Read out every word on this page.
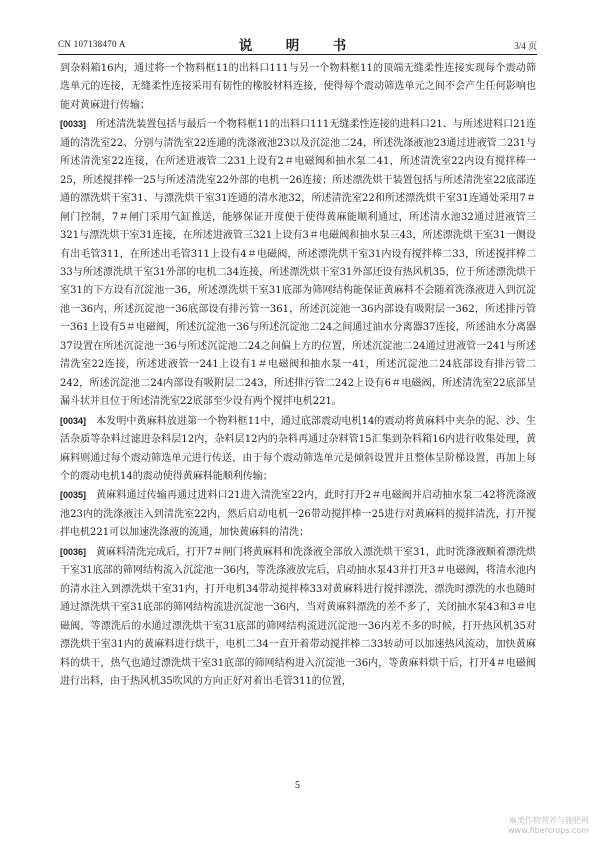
CN 107138470 A	说　明　书	3/4 页

到杂料箱16内，通过将一个物料框11的出料口111与另一个物料框11的顶端无缝柔性连接实现每个震动筛选单元的连接，无缝柔性连接采用有韧性的橡胶材料连接，使得每个震动筛选单元之间不会产生任何影响也能对黄麻进行传输；

[0033] 所述清洗装置包括与最后一个物料框11的出料口111无缝柔性连接的进料口21、与所述进料口21连通的清洗室22、分别与清洗室22连通的洗涤液池23以及沉淀池二24，所述洗涤液池23通过进液管二231与所述清洗室22连接，在所述进液管二231上设有2＃电磁阀和抽水泵二41，所述清洗室22内设有搅拌棒一25，所述搅拌棒一25与所述清洗室22外部的电机一26连接；所述漂洗烘干装置包括与所述清洗室22底部连通的漂洗烘干室31、与漂洗烘干室31连通的清水池32，所述清洗室22和所述漂洗烘干室31连通处采用7＃闸门控制，7＃闸门采用气缸推送，能够保证开度便于使得黄麻能顺利通过，所述清水池32通过进液管三321与漂洗烘干室31连接，在所述进液管三321上设有3＃电磁阀和抽水泵三43，所述漂洗烘干室31一侧设有出毛管311，在所述出毛管311上设有4＃电磁阀，所述漂洗烘干室31内设有搅拌棒二33，所述搅拌棒二33与所述漂洗烘干室31外部的电机二34连接，所述漂洗烘干室31外部还设有热风机35，位于所述漂洗烘干室31的下方设有沉淀池一36，所述漂洗烘干室31底部为筛网结构能保证黄麻料不会随着洗涤液进入到沉淀池一36内，所述沉淀池一36底部设有排污管一361，所述沉淀池一36内部设有吸附层一362，所述排污管一361上设有5＃电磁阀，所述沉淀池一36与所述沉淀池二24之间通过油水分离器37连接，所述油水分离器37设置在所述沉淀池一36与所述沉淀池二24之间偏上方的位置，所述沉淀池二24通过进液管一241与所述清洗室22连接，所述进液管一241上设有1＃电磁阀和抽水泵一41，所述沉淀池二24底部设有排污管二242，所述沉淀池二24内部设有吸附层二243，所述排污管二242上设有6＃电磁阀，所述清洗室22底部呈漏斗状并且位于所述清洗室22底部至少设有两个搅拌电机221。

[0034] 本发明中黄麻料放进第一个物料框11中，通过底部震动电机14的震动将黄麻料中夹杂的泥、沙、生活杂质等杂料过滤进杂料层12内，杂料层12内的杂料再通过杂料管15汇集到杂料箱16内进行收集处理，黄麻料则通过每个震动筛选单元进行传送，由于每个震动筛选单元是倾斜设置并且整体呈阶梯设置，再加上每个的震动电机14的震动使得黄麻料能顺利传输；

[0035] 黄麻料通过传输再通过进料口21进入清洗室22内，此时打开2＃电磁阀并启动抽水泵二42将洗涤液池23内的洗涤液注入到清洗室22内，然后启动电机一26带动搅拌棒一25进行对黄麻料的搅拌清洗，打开搅拌电机221可以加速洗涤液的流通，加快黄麻料的清洗；

[0036] 黄麻料清洗完成后，打开7＃闸门将黄麻料和洗涤液全部放入漂洗烘干室31，此时洗涤液顺着漂洗烘干室31底部的筛网结构流入沉淀池一36内，等洗涤液放完后，启动抽水泵43并打开3＃电磁阀，将清水池内的清水注入到漂洗烘干室31内，打开电机34带动搅拌棒33对黄麻料进行搅拌漂洗，漂洗时漂洗的水也随时通过漂洗烘干室31底部的筛网结构流进沉淀池一36内，当对黄麻料漂洗的差不多了，关闭抽水泵43和3＃电磁阀，等漂洗后的水通过漂洗烘干室31底部的筛网结构流进沉淀池一36内差不多的时候，打开热风机35对漂洗烘干室31内的黄麻料进行烘干，电机二34一直开着带动搅拌棒二33转动可以加速热风流动，加快黄麻料的烘干，热气也通过漂洗烘干室31底部的筛网结构进入沉淀池一36内，等黄麻料烘干后，打开4＃电磁阀进行出料，由于热风机35吹风的方向正好对着出毛管311的位置，

5
麻类作物营养与施肥网
www.fibercrops.com
